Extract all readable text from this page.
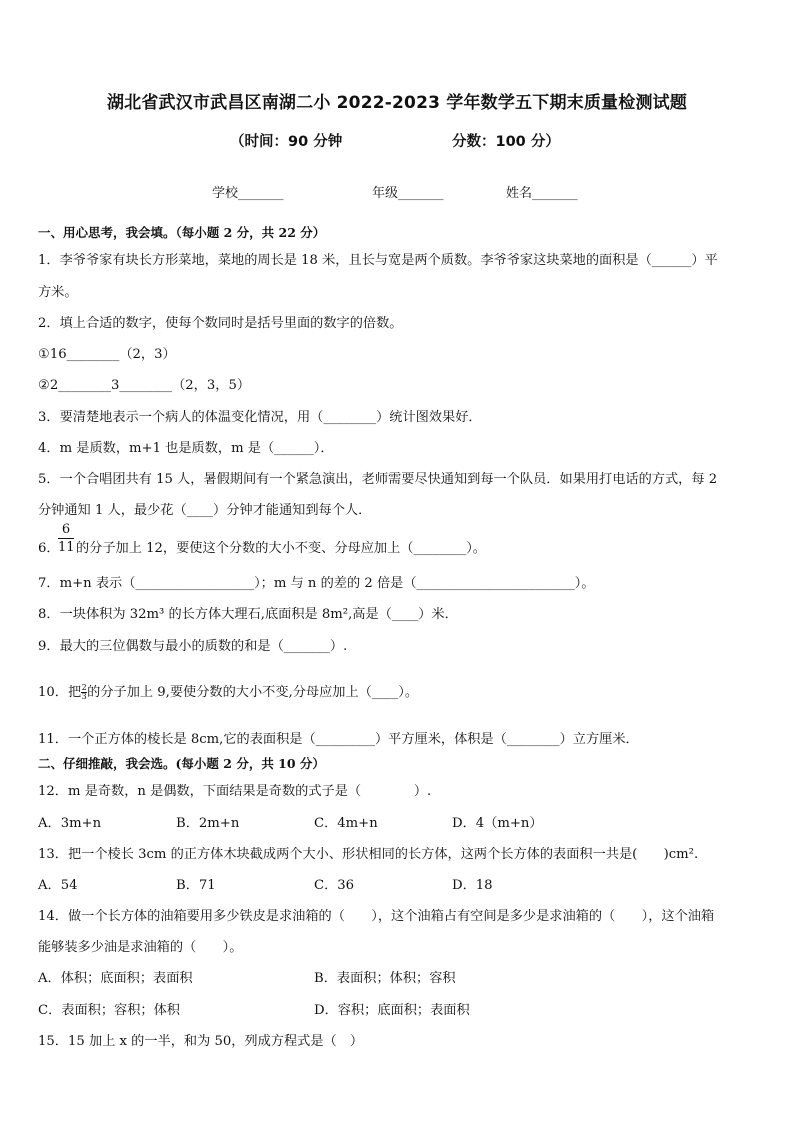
湖北省武汉市武昌区南湖二小 2022-2023 学年数学五下期末质量检测试题
（时间：90 分钟	分数：100 分）
学校_______	年级_______	姓名_______
一、用心思考，我会填。（每小题 2 分，共 22 分）
1．李爷爷家有块长方形菜地，菜地的周长是 18 米，且长与宽是两个质数。李爷爷家这块菜地的面积是（______）平
方米。
2．填上合适的数字，使每个数同时是括号里面的数字的倍数。
①16________（2，3）
②2________3________（2，3，5）
3．要清楚地表示一个病人的体温变化情况，用（________）统计图效果好．
4．m 是质数，m+1 也是质数，m 是（______）．
5．一个合唱团共有 15 人，暑假期间有一个紧急演出，老师需要尽快通知到每一个队员．如果用打电话的方式，每 2
分钟通知 1 人，最少花（____）分钟才能通知到每个人．
6．
6
11 的分子加上 12，要使这个分数的大小不变、分母应加上（________）。
7．m+n 表示（__________________）；m 与 n 的差的 2 倍是（________________________）。
8．一块体积为 32m³ 的长方体大理石,底面积是 8m²,高是（____）米．
9．最大的三位偶数与最小的质数的和是（_______）.
10．把 $\frac{2}{3}$ 的分子加上 9,要使分数的大小不变,分母应加上（____）。
11．一个正方体的棱长是 8cm,它的表面积是（_________）平方厘米，体积是（________）立方厘米．
二、仔细推敲，我会选。(每小题 2 分，共 10 分）
12．m 是奇数，n 是偶数，下面结果是奇数的式子是（　　　　）.
A．3m+n	B．2m+n	C．4m+n	D．4（m+n）
13．把一个棱长 3cm 的正方体木块截成两个大小、形状相同的长方体，这两个长方体的表面积一共是(　　)cm².
A．54	B．71	C．36	D．18
14．做一个长方体的油箱要用多少铁皮是求油箱的（　　），这个油箱占有空间是多少是求油箱的（　　），这个油箱
能够装多少油是求油箱的（　　）。
A．体积；底面积；表面积	B．表面积；体积；容积
C．表面积；容积；体积	D．容积；底面积；表面积
15．15 加上 x 的一半，和为 50，列成方程式是（　）
